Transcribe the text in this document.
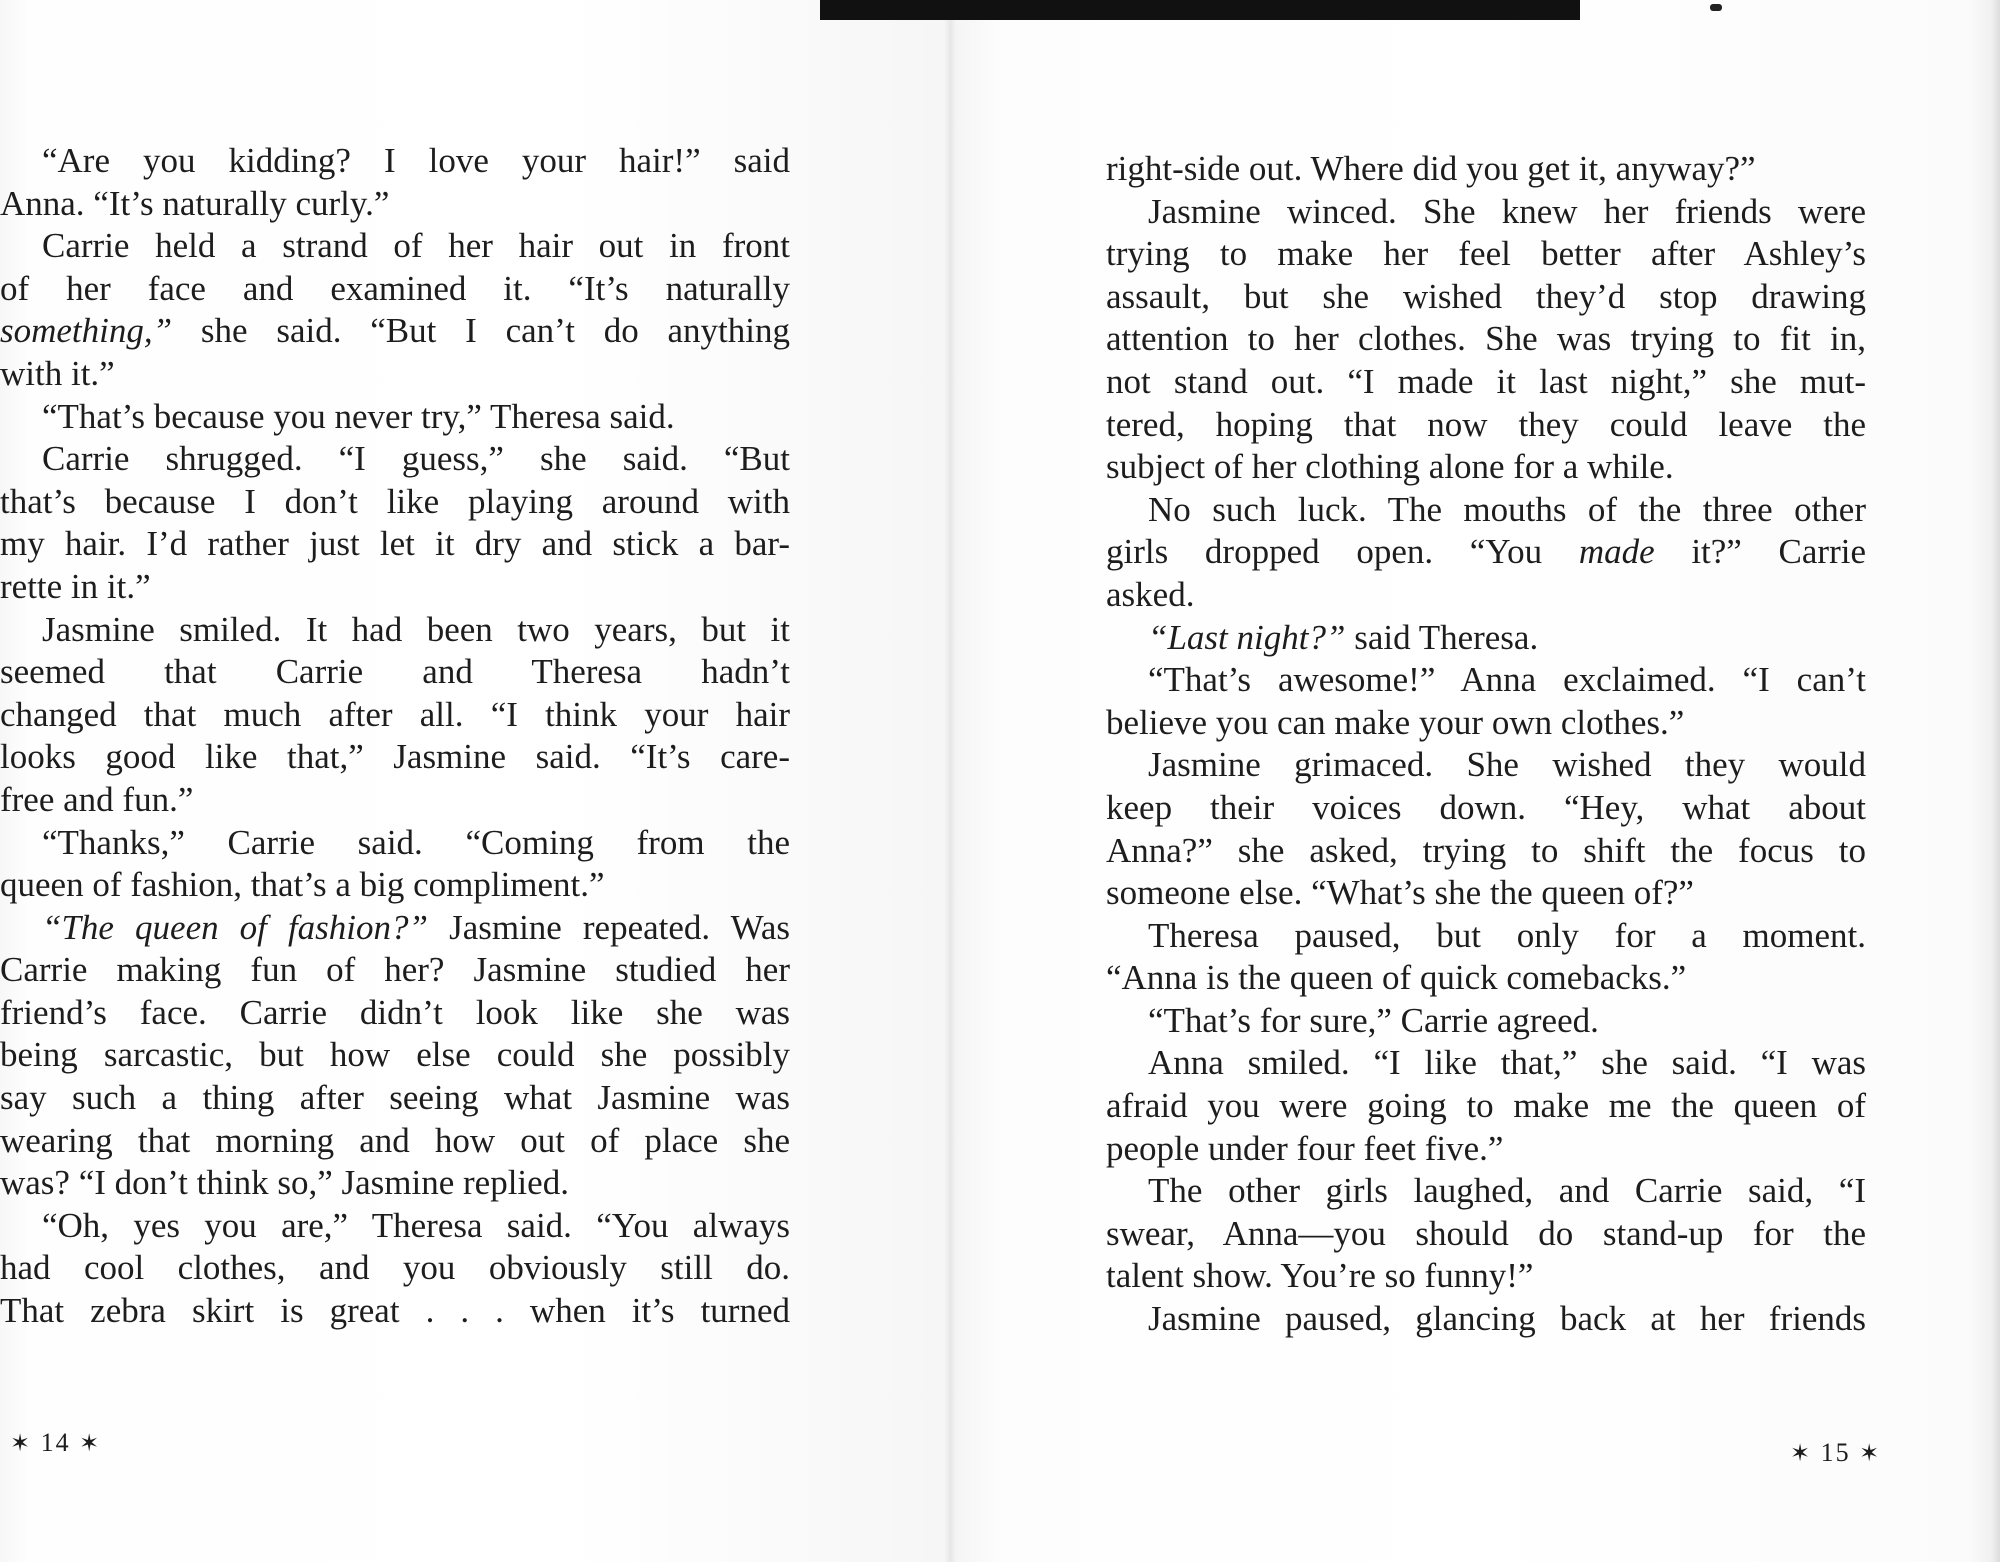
“Are you kidding? I love your hair!” said
Anna. “It’s naturally curly.”
Carrie held a strand of her hair out in front
of her face and examined it. “It’s naturally
something,” she said. “But I can’t do anything
with it.”
“That’s because you never try,” Theresa said.
Carrie shrugged. “I guess,” she said. “But
that’s because I don’t like playing around with
my hair. I’d rather just let it dry and stick a bar-
rette in it.”
Jasmine smiled. It had been two years, but it
seemed that Carrie and Theresa hadn’t
changed that much after all. “I think your hair
looks good like that,” Jasmine said. “It’s care-
free and fun.”
“Thanks,” Carrie said. “Coming from the
queen of fashion, that’s a big compliment.”
“The queen of fashion?” Jasmine repeated. Was
Carrie making fun of her? Jasmine studied her
friend’s face. Carrie didn’t look like she was
being sarcastic, but how else could she possibly
say such a thing after seeing what Jasmine was
wearing that morning and how out of place she
was? “I don’t think so,” Jasmine replied.
“Oh, yes you are,” Theresa said. “You always
had cool clothes, and you obviously still do.
That zebra skirt is great . . . when it’s turned
right-side out. Where did you get it, anyway?”
Jasmine winced. She knew her friends were
trying to make her feel better after Ashley’s
assault, but she wished they’d stop drawing
attention to her clothes. She was trying to fit in,
not stand out. “I made it last night,” she mut-
tered, hoping that now they could leave the
subject of her clothing alone for a while.
No such luck. The mouths of the three other
girls dropped open. “You made it?” Carrie
asked.
“Last night?” said Theresa.
“That’s awesome!” Anna exclaimed. “I can’t
believe you can make your own clothes.”
Jasmine grimaced. She wished they would
keep their voices down. “Hey, what about
Anna?” she asked, trying to shift the focus to
someone else. “What’s she the queen of?”
Theresa paused, but only for a moment.
“Anna is the queen of quick comebacks.”
“That’s for sure,” Carrie agreed.
Anna smiled. “I like that,” she said. “I was
afraid you were going to make me the queen of
people under four feet five.”
The other girls laughed, and Carrie said, “I
swear, Anna—you should do stand-up for the
talent show. You’re so funny!”
Jasmine paused, glancing back at her friends
✶ 14 ✶	✶ 15 ✶
